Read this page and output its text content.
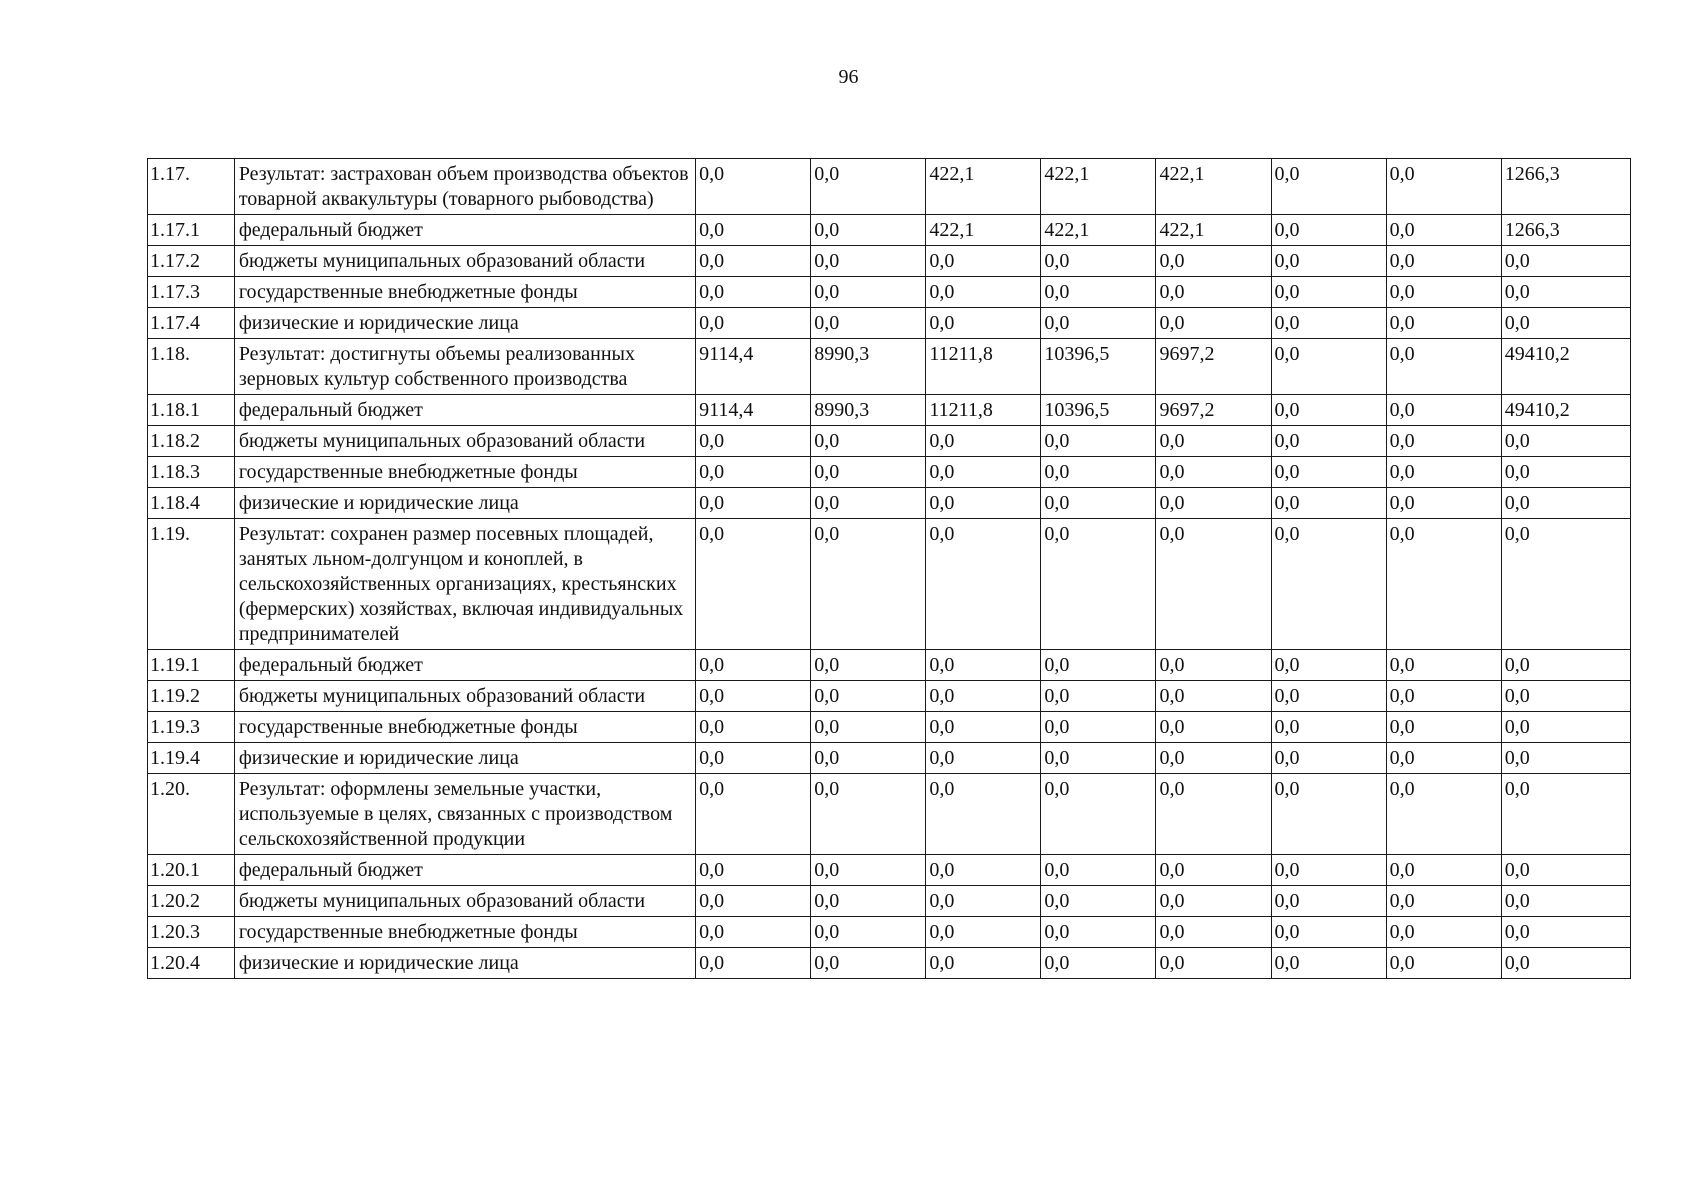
96
1.17.	Результат: застрахован объем производства объектов товарной аквакультуры (товарного рыбоводства)	0,0	0,0	422,1	422,1	422,1	0,0	0,0	1266,3
1.17.1	федеральный бюджет	0,0	0,0	422,1	422,1	422,1	0,0	0,0	1266,3
1.17.2	бюджеты муниципальных образований области	0,0	0,0	0,0	0,0	0,0	0,0	0,0	0,0
1.17.3	государственные внебюджетные фонды	0,0	0,0	0,0	0,0	0,0	0,0	0,0	0,0
1.17.4	физические и юридические лица	0,0	0,0	0,0	0,0	0,0	0,0	0,0	0,0
1.18.	Результат: достигнуты объемы реализованных зерновых культур собственного производства	9114,4	8990,3	11211,8	10396,5	9697,2	0,0	0,0	49410,2
1.18.1	федеральный бюджет	9114,4	8990,3	11211,8	10396,5	9697,2	0,0	0,0	49410,2
1.18.2	бюджеты муниципальных образований области	0,0	0,0	0,0	0,0	0,0	0,0	0,0	0,0
1.18.3	государственные внебюджетные фонды	0,0	0,0	0,0	0,0	0,0	0,0	0,0	0,0
1.18.4	физические и юридические лица	0,0	0,0	0,0	0,0	0,0	0,0	0,0	0,0
1.19.	Результат: сохранен размер посевных площадей, занятых льном-долгунцом и коноплей, в сельскохозяйственных организациях, крестьянских (фермерских) хозяйствах, включая индивидуальных предпринимателей	0,0	0,0	0,0	0,0	0,0	0,0	0,0	0,0
1.19.1	федеральный бюджет	0,0	0,0	0,0	0,0	0,0	0,0	0,0	0,0
1.19.2	бюджеты муниципальных образований области	0,0	0,0	0,0	0,0	0,0	0,0	0,0	0,0
1.19.3	государственные внебюджетные фонды	0,0	0,0	0,0	0,0	0,0	0,0	0,0	0,0
1.19.4	физические и юридические лица	0,0	0,0	0,0	0,0	0,0	0,0	0,0	0,0
1.20.	Результат: оформлены земельные участки, используемые в целях, связанных с производством сельскохозяйственной продукции	0,0	0,0	0,0	0,0	0,0	0,0	0,0	0,0
1.20.1	федеральный бюджет	0,0	0,0	0,0	0,0	0,0	0,0	0,0	0,0
1.20.2	бюджеты муниципальных образований области	0,0	0,0	0,0	0,0	0,0	0,0	0,0	0,0
1.20.3	государственные внебюджетные фонды	0,0	0,0	0,0	0,0	0,0	0,0	0,0	0,0
1.20.4	физические и юридические лица	0,0	0,0	0,0	0,0	0,0	0,0	0,0	0,0
